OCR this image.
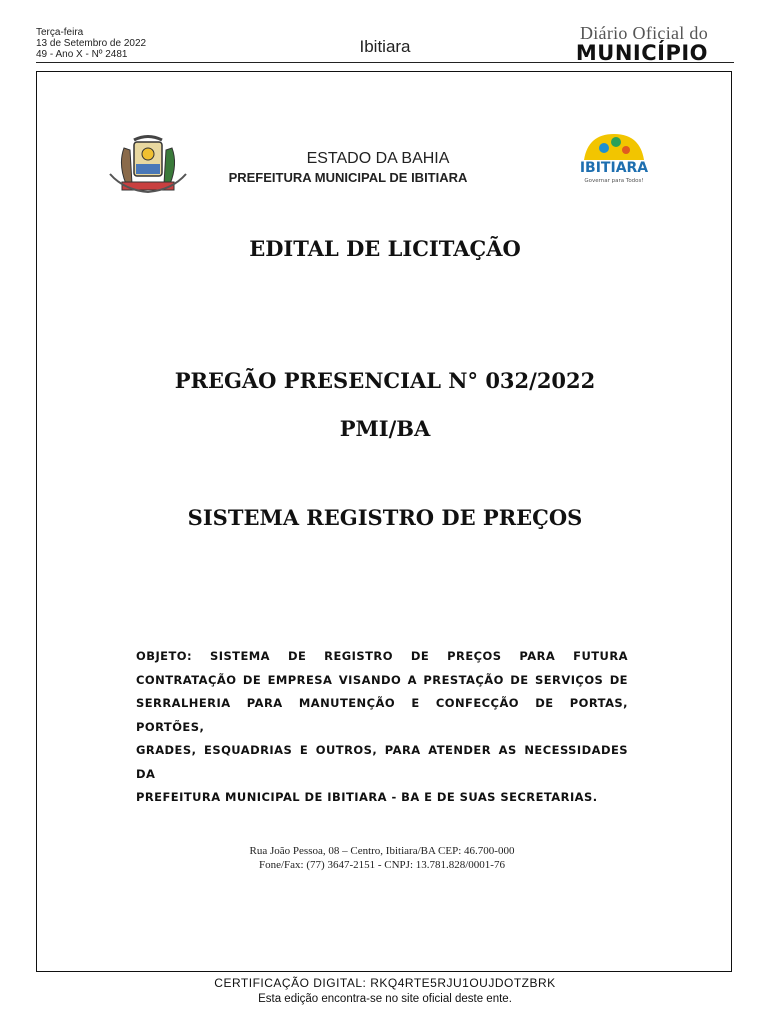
Terça-feira
13 de Setembro de 2022
49 - Ano X - Nº 2481	Ibitiara
Diário Oficial do
MUNICÍPIO
ESTADO DA BAHIA
PREFEITURA MUNICIPAL DE IBITIARA
IBITIARA
Governar para Todos!
EDITAL DE LICITAÇÃO
PREGÃO PRESENCIAL N° 032/2022
PMI/BA
SISTEMA REGISTRO DE PREÇOS

OBJETO: SISTEMA DE REGISTRO DE PREÇOS PARA FUTURA

CONTRATAÇÃO DE EMPRESA VISANDO A PRESTAÇÃO DE SERVIÇOS DE

SERRALHERIA PARA MANUTENÇÃO E CONFECÇÃO DE PORTAS, PORTÕES,

GRADES, ESQUADRIAS E OUTROS, PARA ATENDER AS NECESSIDADES DA

PREFEITURA MUNICIPAL DE IBITIARA - BA E DE SUAS SECRETARIAS.

Rua João Pessoa, 08 – Centro, Ibitiara/BA CEP: 46.700-000
Fone/Fax: (77) 3647-2151 - CNPJ: 13.781.828/0001-76
CERTIFICAÇÃO DIGITAL: RKQ4RTE5RJU1OUJDOTZBRK
Esta edição encontra-se no site oficial deste ente.
